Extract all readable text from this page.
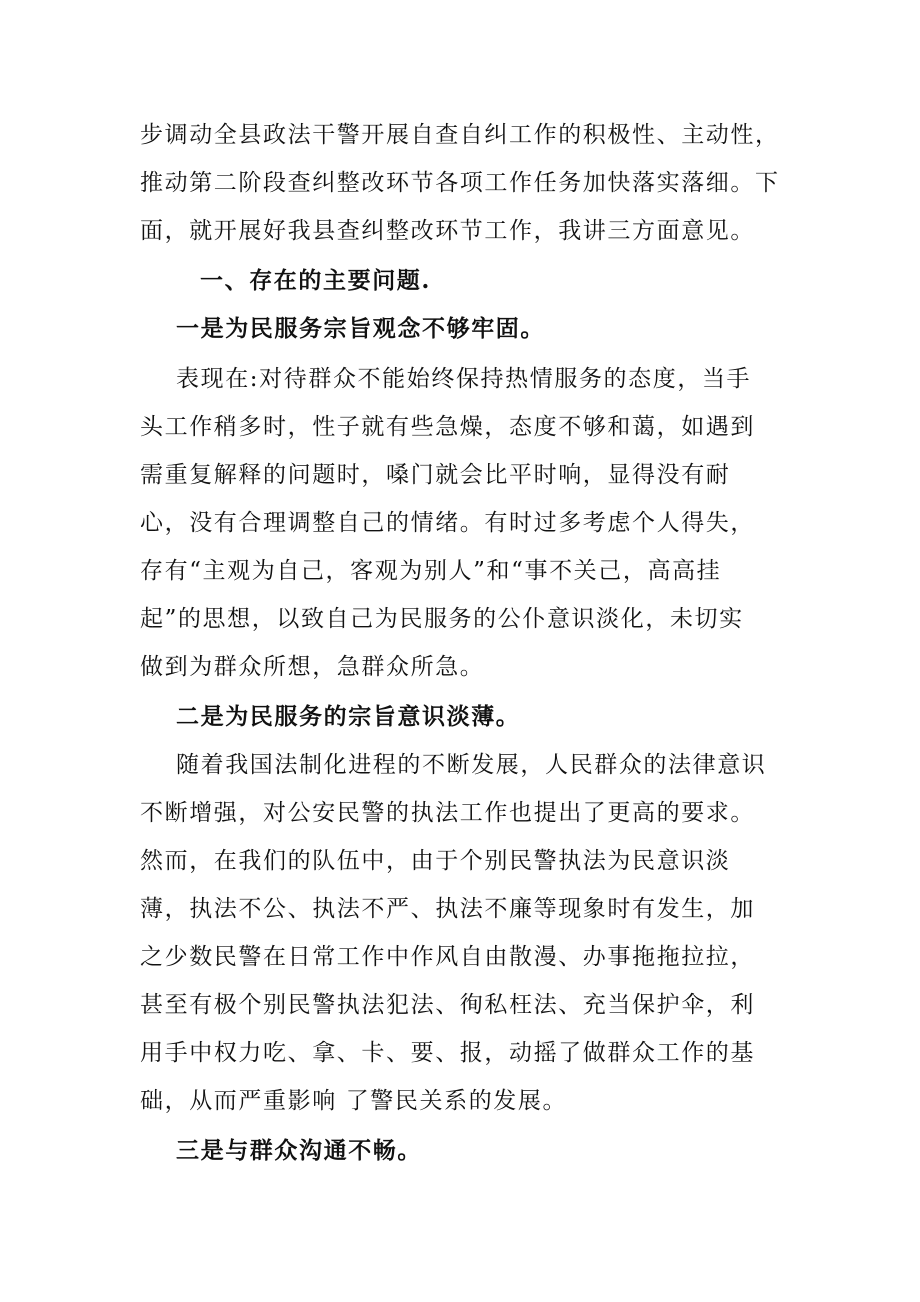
步调动全县政法干警开展自查自纠工作的积极性、主动性，
推动第二阶段查纠整改环节各项工作任务加快落实落细。下
面，就开展好我县查纠整改环节工作，我讲三方面意见。
一、存在的主要问题.
一是为民服务宗旨观念不够牢固。
表现在:对待群众不能始终保持热情服务的态度，当手
头工作稍多时，性子就有些急燥，态度不够和蔼，如遇到
需重复解释的问题时，嗓门就会比平时响，显得没有耐
心，没有合理调整自己的情绪。有时过多考虑个人得失，
存有“主观为自己，客观为别人”和“事不关己，高高挂
起”的思想，以致自己为民服务的公仆意识淡化，未切实
做到为群众所想，急群众所急。
二是为民服务的宗旨意识淡薄。
随着我国法制化进程的不断发展，人民群众的法律意识
不断增强，对公安民警的执法工作也提出了更高的要求。
然而，在我们的队伍中，由于个别民警执法为民意识淡
薄，执法不公、执法不严、执法不廉等现象时有发生，加
之少数民警在日常工作中作风自由散漫、办事拖拖拉拉，
甚至有极个别民警执法犯法、徇私枉法、充当保护伞，利
用手中权力吃、拿、卡、要、报，动摇了做群众工作的基
础，从而严重影响 了警民关系的发展。
三是与群众沟通不畅。
